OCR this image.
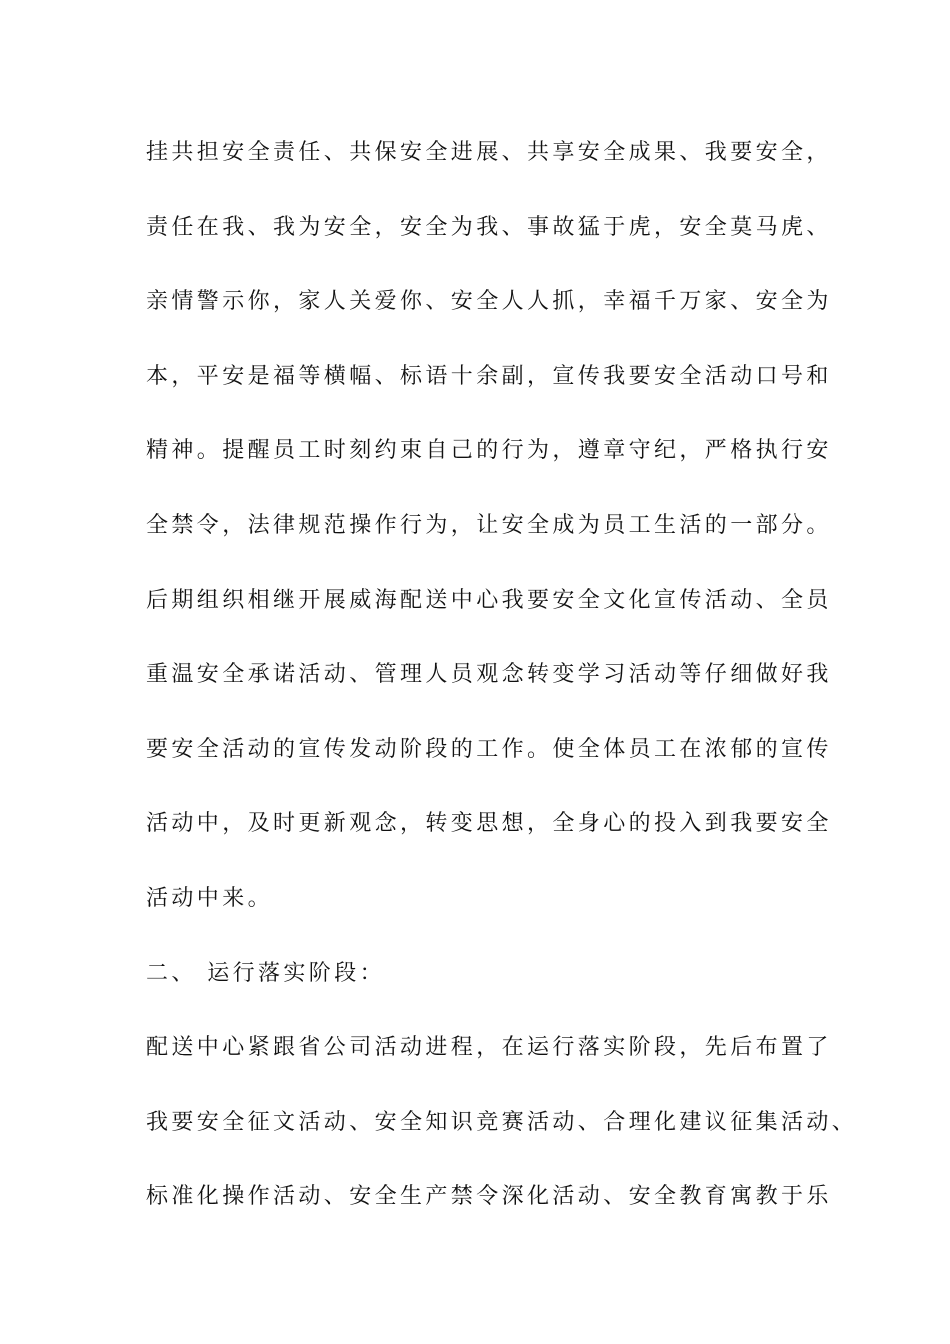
挂共担安全责任、共保安全进展、共享安全成果、我要安全，
责任在我、我为安全，安全为我、事故猛于虎，安全莫马虎、
亲情警示你，家人关爱你、安全人人抓，幸福千万家、安全为
本，平安是福等横幅、标语十余副，宣传我要安全活动口号和
精神。提醒员工时刻约束自己的行为，遵章守纪，严格执行安
全禁令，法律规范操作行为，让安全成为员工生活的一部分。
后期组织相继开展威海配送中心我要安全文化宣传活动、全员
重温安全承诺活动、管理人员观念转变学习活动等仔细做好我
要安全活动的宣传发动阶段的工作。使全体员工在浓郁的宣传
活动中，及时更新观念，转变思想，全身心的投入到我要安全
活动中来。
二、 运行落实阶段：
配送中心紧跟省公司活动进程，在运行落实阶段，先后布置了
我要安全征文活动、安全知识竞赛活动、合理化建议征集活动、
标准化操作活动、安全生产禁令深化活动、安全教育寓教于乐
